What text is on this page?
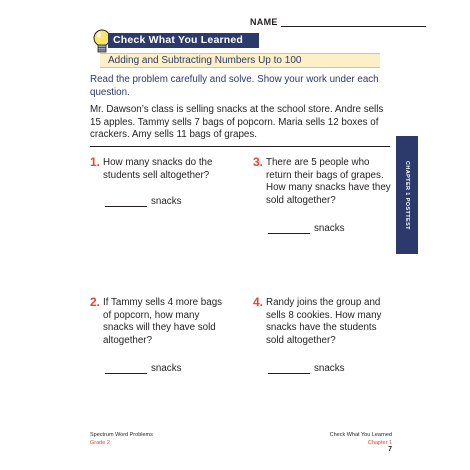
NAME
Check What You Learned
Adding and Subtracting Numbers Up to 100
Read the problem carefully and solve. Show your work under each question.
Mr. Dawson’s class is selling snacks at the school store. Andre sells 15 apples. Tammy sells 7 bags of popcorn. Maria sells 12 boxes of crackers. Amy sells 11 bags of grapes.
CHAPTER 1 POSTTEST
1. How many snacks do the students sell altogether?
snacks
3. There are 5 people who return their bags of grapes. How many snacks have they sold altogether?
snacks
2. If Tammy sells 4 more bags of popcorn, how many snacks will they have sold altogether?
snacks
4. Randy joins the group and sells 8 cookies. How many snacks have the students sold altogether?
snacks
Spectrum Word Problems
Grade 2
Check What You Learned
Chapter 1
7
